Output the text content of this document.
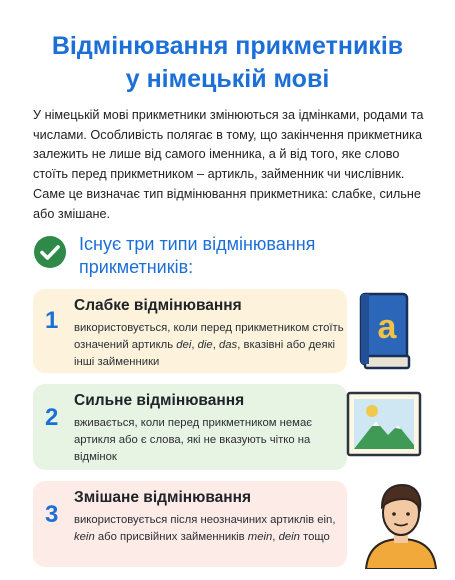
Відмінювання прикметників
у німецькій мові

У німецькій мові прикметники змінюються за ідмінками, родами та числами. Особливість полягає в тому, що закінчення прикметника залежить не лише від самого іменника, а й від того, яке слово стоїть перед прикметником – артикль, займенник чи числівник. Саме це визначає тип відмінювання прикметника: слабке, сильне або змішане.

Існує три типи відмінювання прикметників:

1

Слабке відмінювання

використовується, коли перед прикметником стоїть означений артикль dei, die, das, вказівні або деякі інші займенники

a
2

Сильне відмінювання

вживається, коли перед прикметником немає артикля або є слова, які не вказують чітко на відмінок

3

Змішане відмінювання

використовується після неозначиних артиклів ein, kein або присвійних займенників mein, dein тощо
